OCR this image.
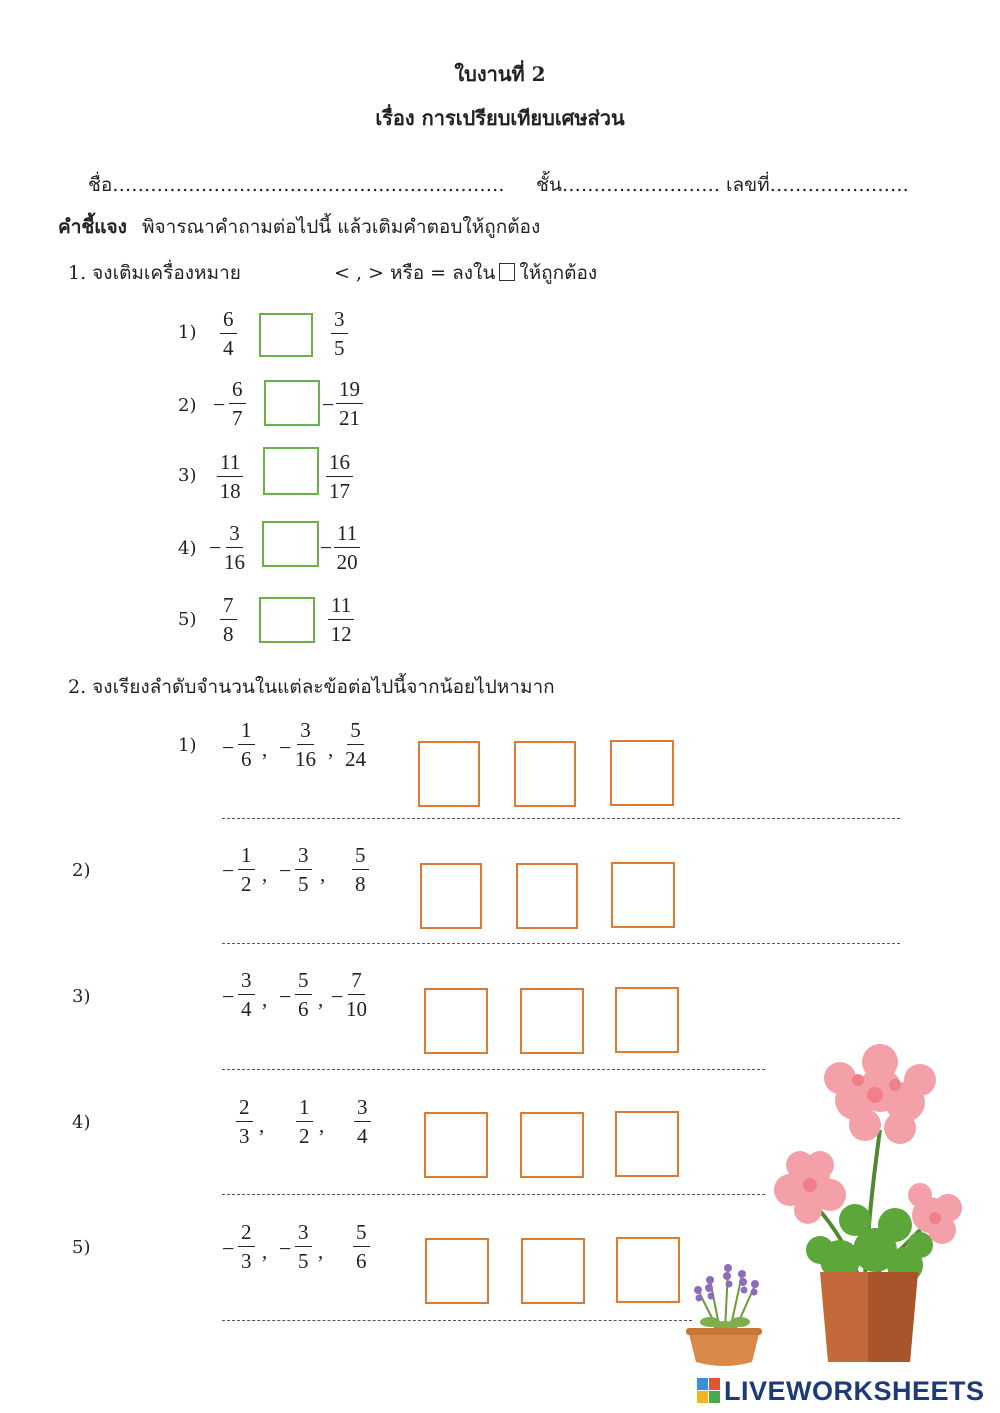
ใบงานที่ 2
เรื่อง การเปรียบเทียบเศษส่วน
ชื่อ…………………………………….………………. ชั้น……………………. เลขที่………………….
คำชี้แจง พิจารณาคำถามต่อไปนี้ แล้วเติมคำตอบให้ถูกต้อง
1. จงเติมเครื่องหมาย	< , > หรือ = ลงใน ให้ถูกต้อง
$1) \frac{6}{4}$	$\frac{3}{5}$
$2) - \frac{6}{7}$	− $\frac{19}{21}$
$3) \frac{11}{18}$	$\frac{16}{17}$
$4) - \frac{3}{16}$	− $\frac{11}{20}$
$5) \frac{7}{8}$	$\frac{11}{12}$
2. จงเรียงลำดับจำนวนในแต่ละข้อต่อไปนี้จากน้อยไปหามาก
$1) - \frac{1}{6}$ , − $\frac{3}{16}$ , $\frac{5}{24}$
2)	− $\frac{1}{2}$ , − $\frac{3}{5}$ , $\frac{5}{8}$
3)	− $\frac{3}{4}$ , − $\frac{5}{6}$ , − $\frac{7}{10}$
4)	$\frac{2}{3}$ , $\frac{1}{2}$ , $\frac{3}{4}$
5)	− $\frac{2}{3}$ , − $\frac{3}{5}$ , $\frac{5}{6}$
LIVEWORKSHEETS
